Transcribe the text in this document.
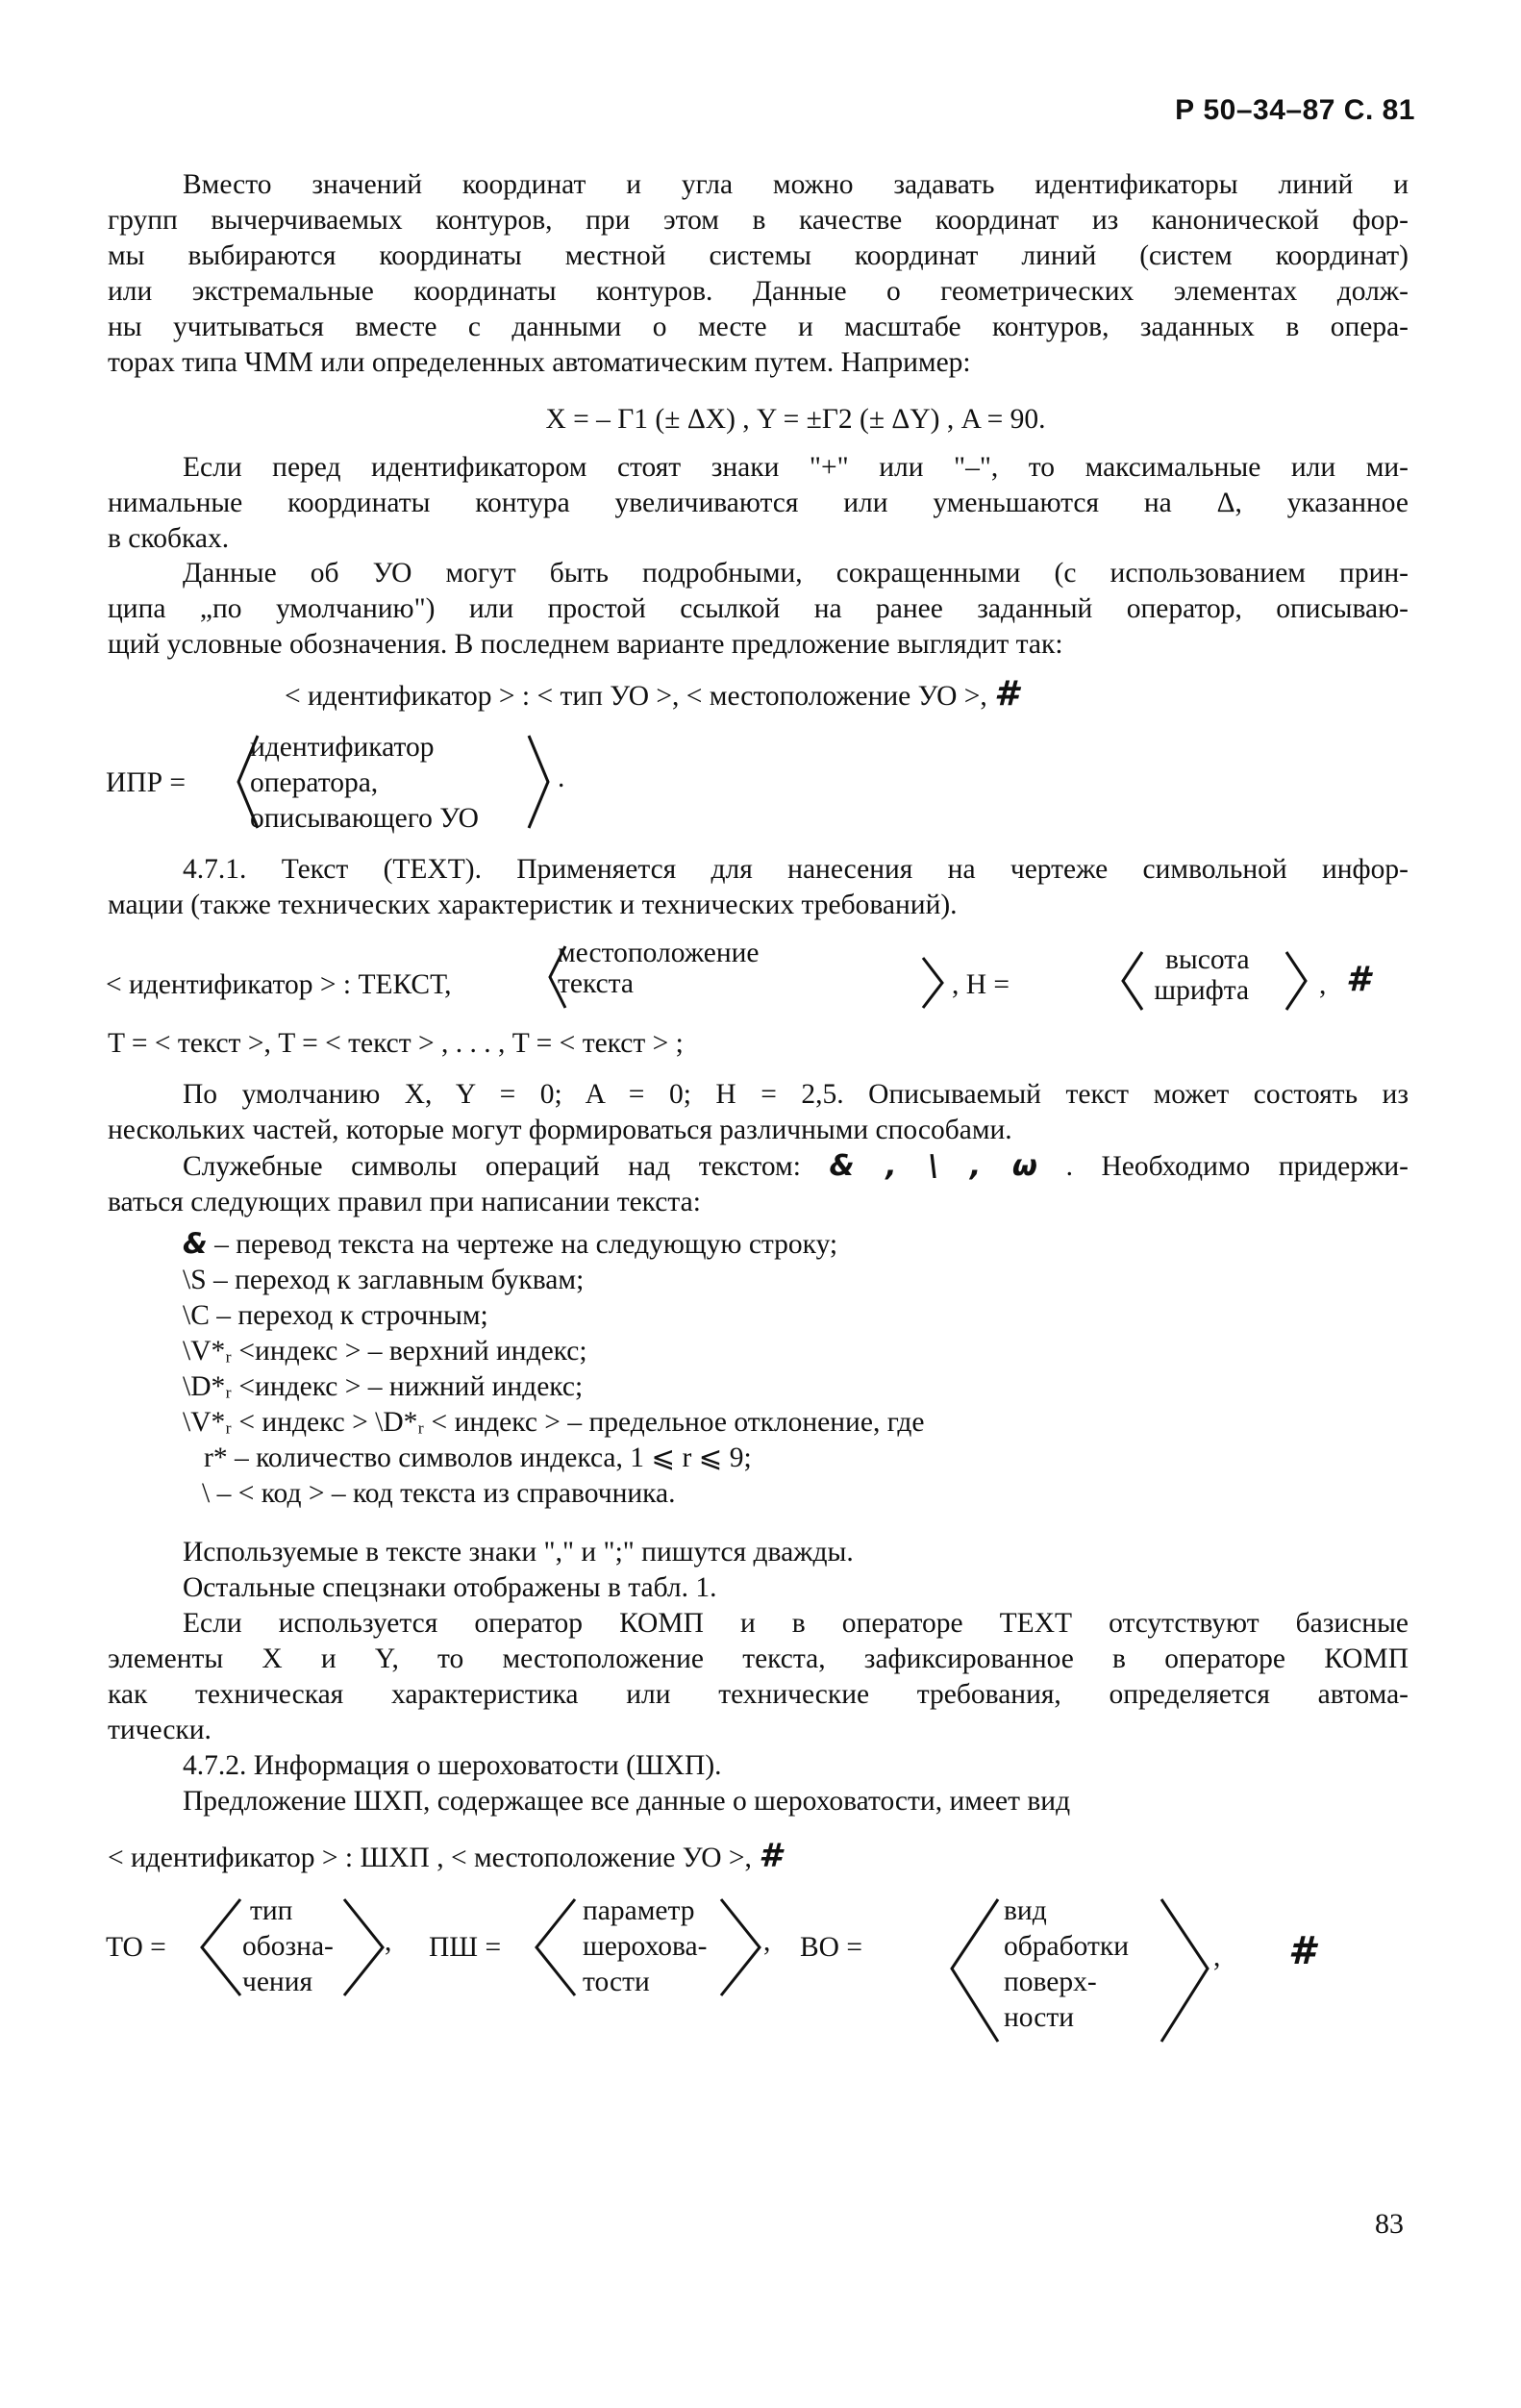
Р 50–34–87 С. 81
Вместо значений координат и угла можно задавать идентификаторы линий и
групп вычерчиваемых контуров, при этом в качестве координат из канонической фор-
мы выбираются координаты местной системы координат линий (систем координат)
или экстремальные координаты контуров. Данные о геометрических элементах долж-
ны учитываться вместе с данными о месте и масштабе контуров, заданных в опера-
торах типа ЧММ или определенных автоматическим путем. Например:
X = – Г1 (± ΔX) , Y = ±Г2 (± ΔY) , A = 90.
Если перед идентификатором стоят знаки "+" или "–", то максимальные или ми-
нимальные координаты контура увеличиваются или уменьшаются на Δ, указанное
в скобках.
Данные об УО могут быть подробными, сокращенными (с использованием прин-
ципа „по умолчанию") или простой ссылкой на ранее заданный оператор, описываю-
щий условные обозначения. В последнем варианте предложение выглядит так:
< идентификатор > : < тип УО >, < местоположение УО >, #
ИПР =
идентификатор
оператора,
описывающего УО
.
4.7.1. Текст (ТЕХТ). Применяется для нанесения на чертеже символьной инфор-
мации (также технических характеристик и технических требований).
< идентификатор > : ТЕКСТ,
местоположение
текста	, H =
высота
шрифта , #
T = < текст >, T = < текст > , . . . , T = < текст > ;
По умолчанию X, Y = 0; A = 0; H = 2,5. Описываемый текст может состоять из
нескольких частей, которые могут формироваться различными способами.
Служебные символы операций над текстом: & , \ , ω . Необходимо придержи-
ваться следующих правил при написании текста:
& – перевод текста на чертеже на следующую строку;
\S – переход к заглавным буквам;
\C – переход к строчным;
\V*ᵣ <индекс > – верхний индекс;
\D*ᵣ <индекс > – нижний индекс;
\V*ᵣ < индекс > \D*ᵣ < индекс > – предельное отклонение, где
r* – количество символов индекса, 1 ⩽ r ⩽ 9;
\ – < код > – код текста из справочника.
Используемые в тексте знаки "," и ";" пишутся дважды.
Остальные спецзнаки отображены в табл. 1.
Если используется оператор КОМП и в операторе ТЕХТ отсутствуют базисные
элементы X и Y, то местоположение текста, зафиксированное в операторе КОМП
как техническая характеристика или технические требования, определяется автома-
тически.
4.7.2. Информация о шероховатости (ШХП).
Предложение ШХП, содержащее все данные о шероховатости, имеет вид
< идентификатор > : ШХП , < местоположение УО >, #
TO =
тип
обозна-
чения
, ПШ =
параметр
шерохова-
тости
, BO =
вид
обработки
поверх-
ности
, #
83
